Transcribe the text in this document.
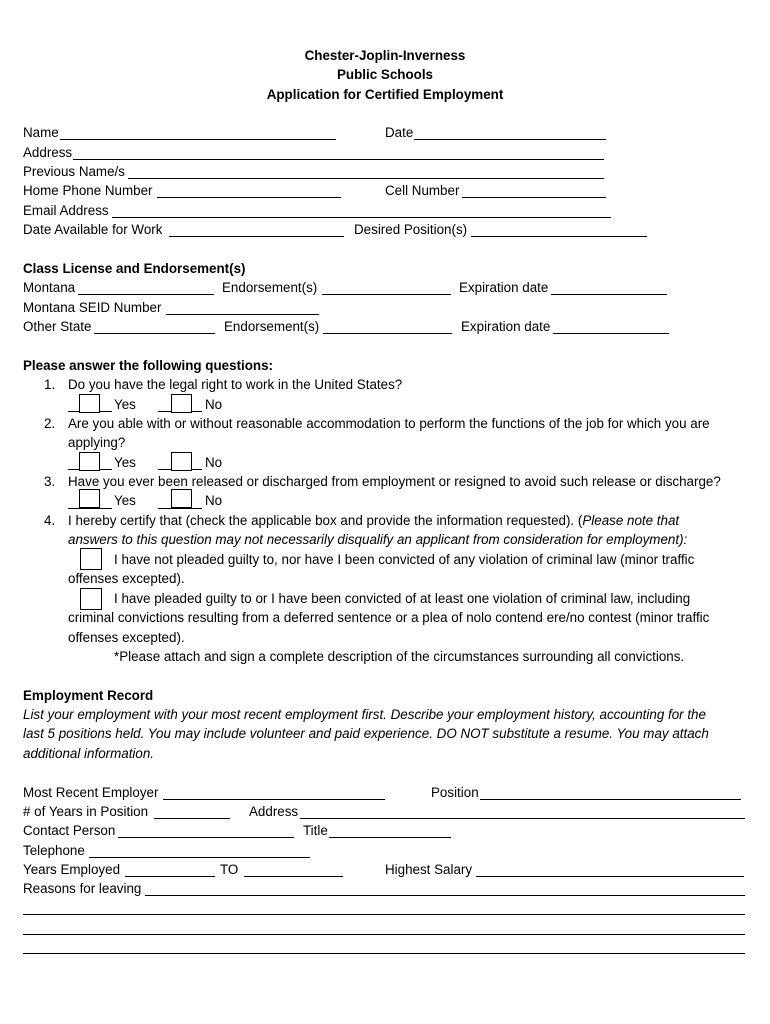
Chester-Joplin-Inverness
Public Schools
Application for Certified Employment
Name	Date
Address
Previous Name/s
Home Phone Number	Cell Number
Email Address
Date Available for Work	Desired Position(s)
Class License and Endorsement(s)
Montana	Endorsement(s)	Expiration date
Montana SEID Number
Other State	Endorsement(s)	Expiration date
Please answer the following questions:
1. Do you have the legal right to work in the United States?
Yes	No
2. Are you able with or without reasonable accommodation to perform the functions of the job for which you are
applying?
Yes	No
3. Have you ever been released or discharged from employment or resigned to avoid such release or discharge?
Yes	No
4. I hereby certify that (check the applicable box and provide the information requested). (Please note that
answers to this question may not necessarily disqualify an applicant from consideration for employment):
I have not pleaded guilty to, nor have I been convicted of any violation of criminal law (minor traffic
offenses excepted).
I have pleaded guilty to or I have been convicted of at least one violation of criminal law, including
criminal convictions resulting from a deferred sentence or a plea of nolo contend ere/no contest (minor traffic
offenses excepted).
*Please attach and sign a complete description of the circumstances surrounding all convictions.
Employment Record
List your employment with your most recent employment first. Describe your employment history, accounting for the
last 5 positions held. You may include volunteer and paid experience. DO NOT substitute a resume. You may attach
additional information.
Most Recent Employer	Position
# of Years in Position	Address
Contact Person	Title
Telephone
Years Employed	TO	Highest Salary
Reasons for leaving
